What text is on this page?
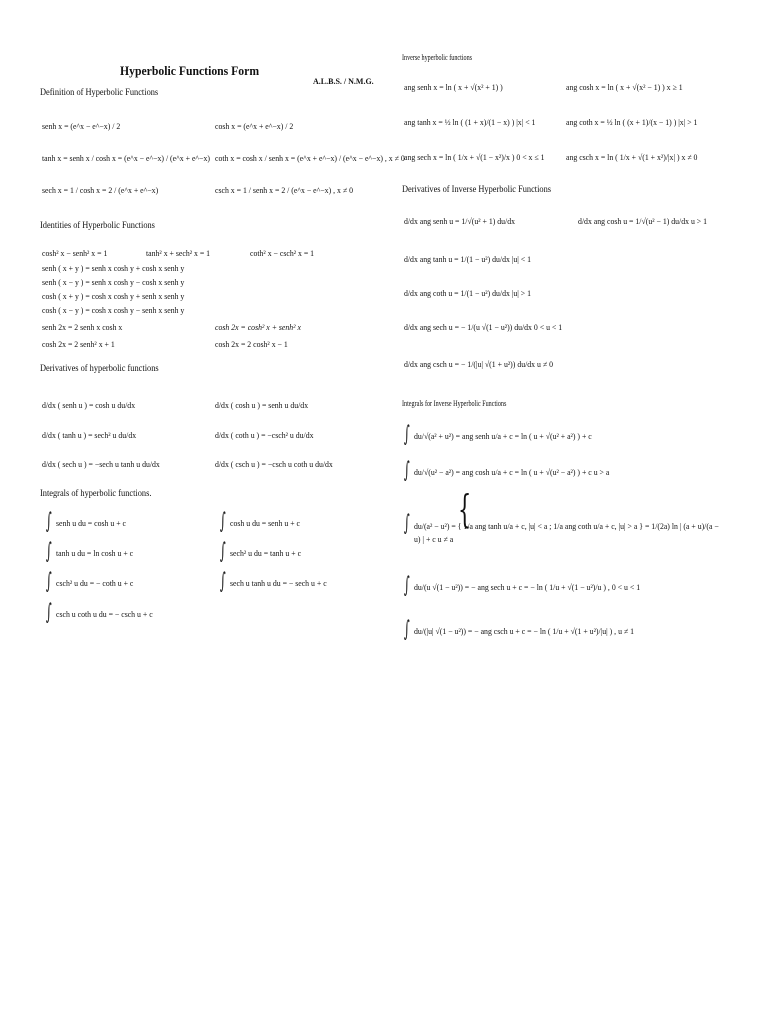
Hyperbolic Functions Form
A.L.B.S. / N.M.G.
Definition of Hyperbolic Functions
senh x = (e^x − e^−x) / 2	cosh x = (e^x + e^−x) / 2
tanh x = senh x / cosh x = (e^x − e^−x) / (e^x + e^−x) coth x = cosh x / senh x = (e^x + e^−x) / (e^x − e^−x) , x ≠ 0
sech x = 1 / cosh x = 2 / (e^x + e^−x)	csch x = 1 / senh x = 2 / (e^x − e^−x) , x ≠ 0
Identities of Hyperbolic Functions
cosh² x − senh² x = 1	tanh² x + sech² x = 1	coth² x − csch² x = 1
senh ( x + y ) = senh x cosh y + cosh x senh y
senh ( x − y ) = senh x cosh y − cosh x senh y
cosh ( x + y ) = cosh x cosh y + senh x senh y
cosh ( x − y ) = cosh x cosh y − senh x senh y
senh 2x = 2 senh x cosh x	cosh 2x = cosh² x + senh² x
cosh 2x = 2 senh² x + 1	cosh 2x = 2 cosh² x − 1
Derivatives of hyperbolic functions
d/dx ( senh u ) = cosh u du/dx	d/dx ( cosh u ) = senh u du/dx
d/dx ( tanh u ) = sech² u du/dx	d/dx ( coth u ) = −csch² u du/dx
d/dx ( sech u ) = −sech u tanh u du/dx	d/dx ( csch u ) = −csch u coth u du/dx
Integrals of hyperbolic functions.
∫ senh u du = cosh u + c	∫ cosh u du = senh u + c
∫ tanh u du = ln cosh u + c	∫ sech² u du = tanh u + c
∫ csch² u du = − coth u + c	∫ sech u tanh u du = − sech u + c
∫ csch u coth u du = − csch u + c
Inverse hyperbolic functions
ang senh x = ln ( x + √(x² + 1) )	ang cosh x = ln ( x + √(x² − 1) ) x ≥ 1
ang tanh x = ½ ln ( (1 + x)/(1 − x) ) |x| < 1	ang coth x = ½ ln ( (x + 1)/(x − 1) ) |x| > 1
ang sech x = ln ( 1/x + √(1 − x²)/x ) 0 < x ≤ 1	ang csch x = ln ( 1/x + √(1 + x²)/|x| ) x ≠ 0
Derivatives of Inverse Hyperbolic Functions
d/dx ang senh u = 1/√(u² + 1) du/dx	d/dx ang cosh u = 1/√(u² − 1) du/dx u > 1
d/dx ang tanh u = 1/(1 − u²) du/dx |u| < 1
d/dx ang coth u = 1/(1 − u²) du/dx |u| > 1
d/dx ang sech u = − 1/(u √(1 − u²)) du/dx 0 < u < 1
d/dx ang csch u = − 1/(|u| √(1 + u²)) du/dx u ≠ 0
Integrals for Inverse Hyperbolic Functions
∫ du/√(a² + u²) = ang senh u/a + c = ln ( u + √(u² + a²) ) + c
∫ du/√(u² − a²) = ang cosh u/a + c = ln ( u + √(u² − a²) ) + c u > a
∫ {
du/(a² − u²) = { 1/a ang tanh u/a + c, |u| < a ; 1/a ang coth u/a + c, |u| > a } = 1/(2a) ln | (a + u)/(a − u) | + c u ≠ a
∫ du/(u √(1 − u²)) = − ang sech u + c = − ln ( 1/u + √(1 − u²)/u ) , 0 < u < 1
∫ du/(|u| √(1 − u²)) = − ang csch u + c = − ln ( 1/u + √(1 + u²)/|u| ) , u ≠ 1
